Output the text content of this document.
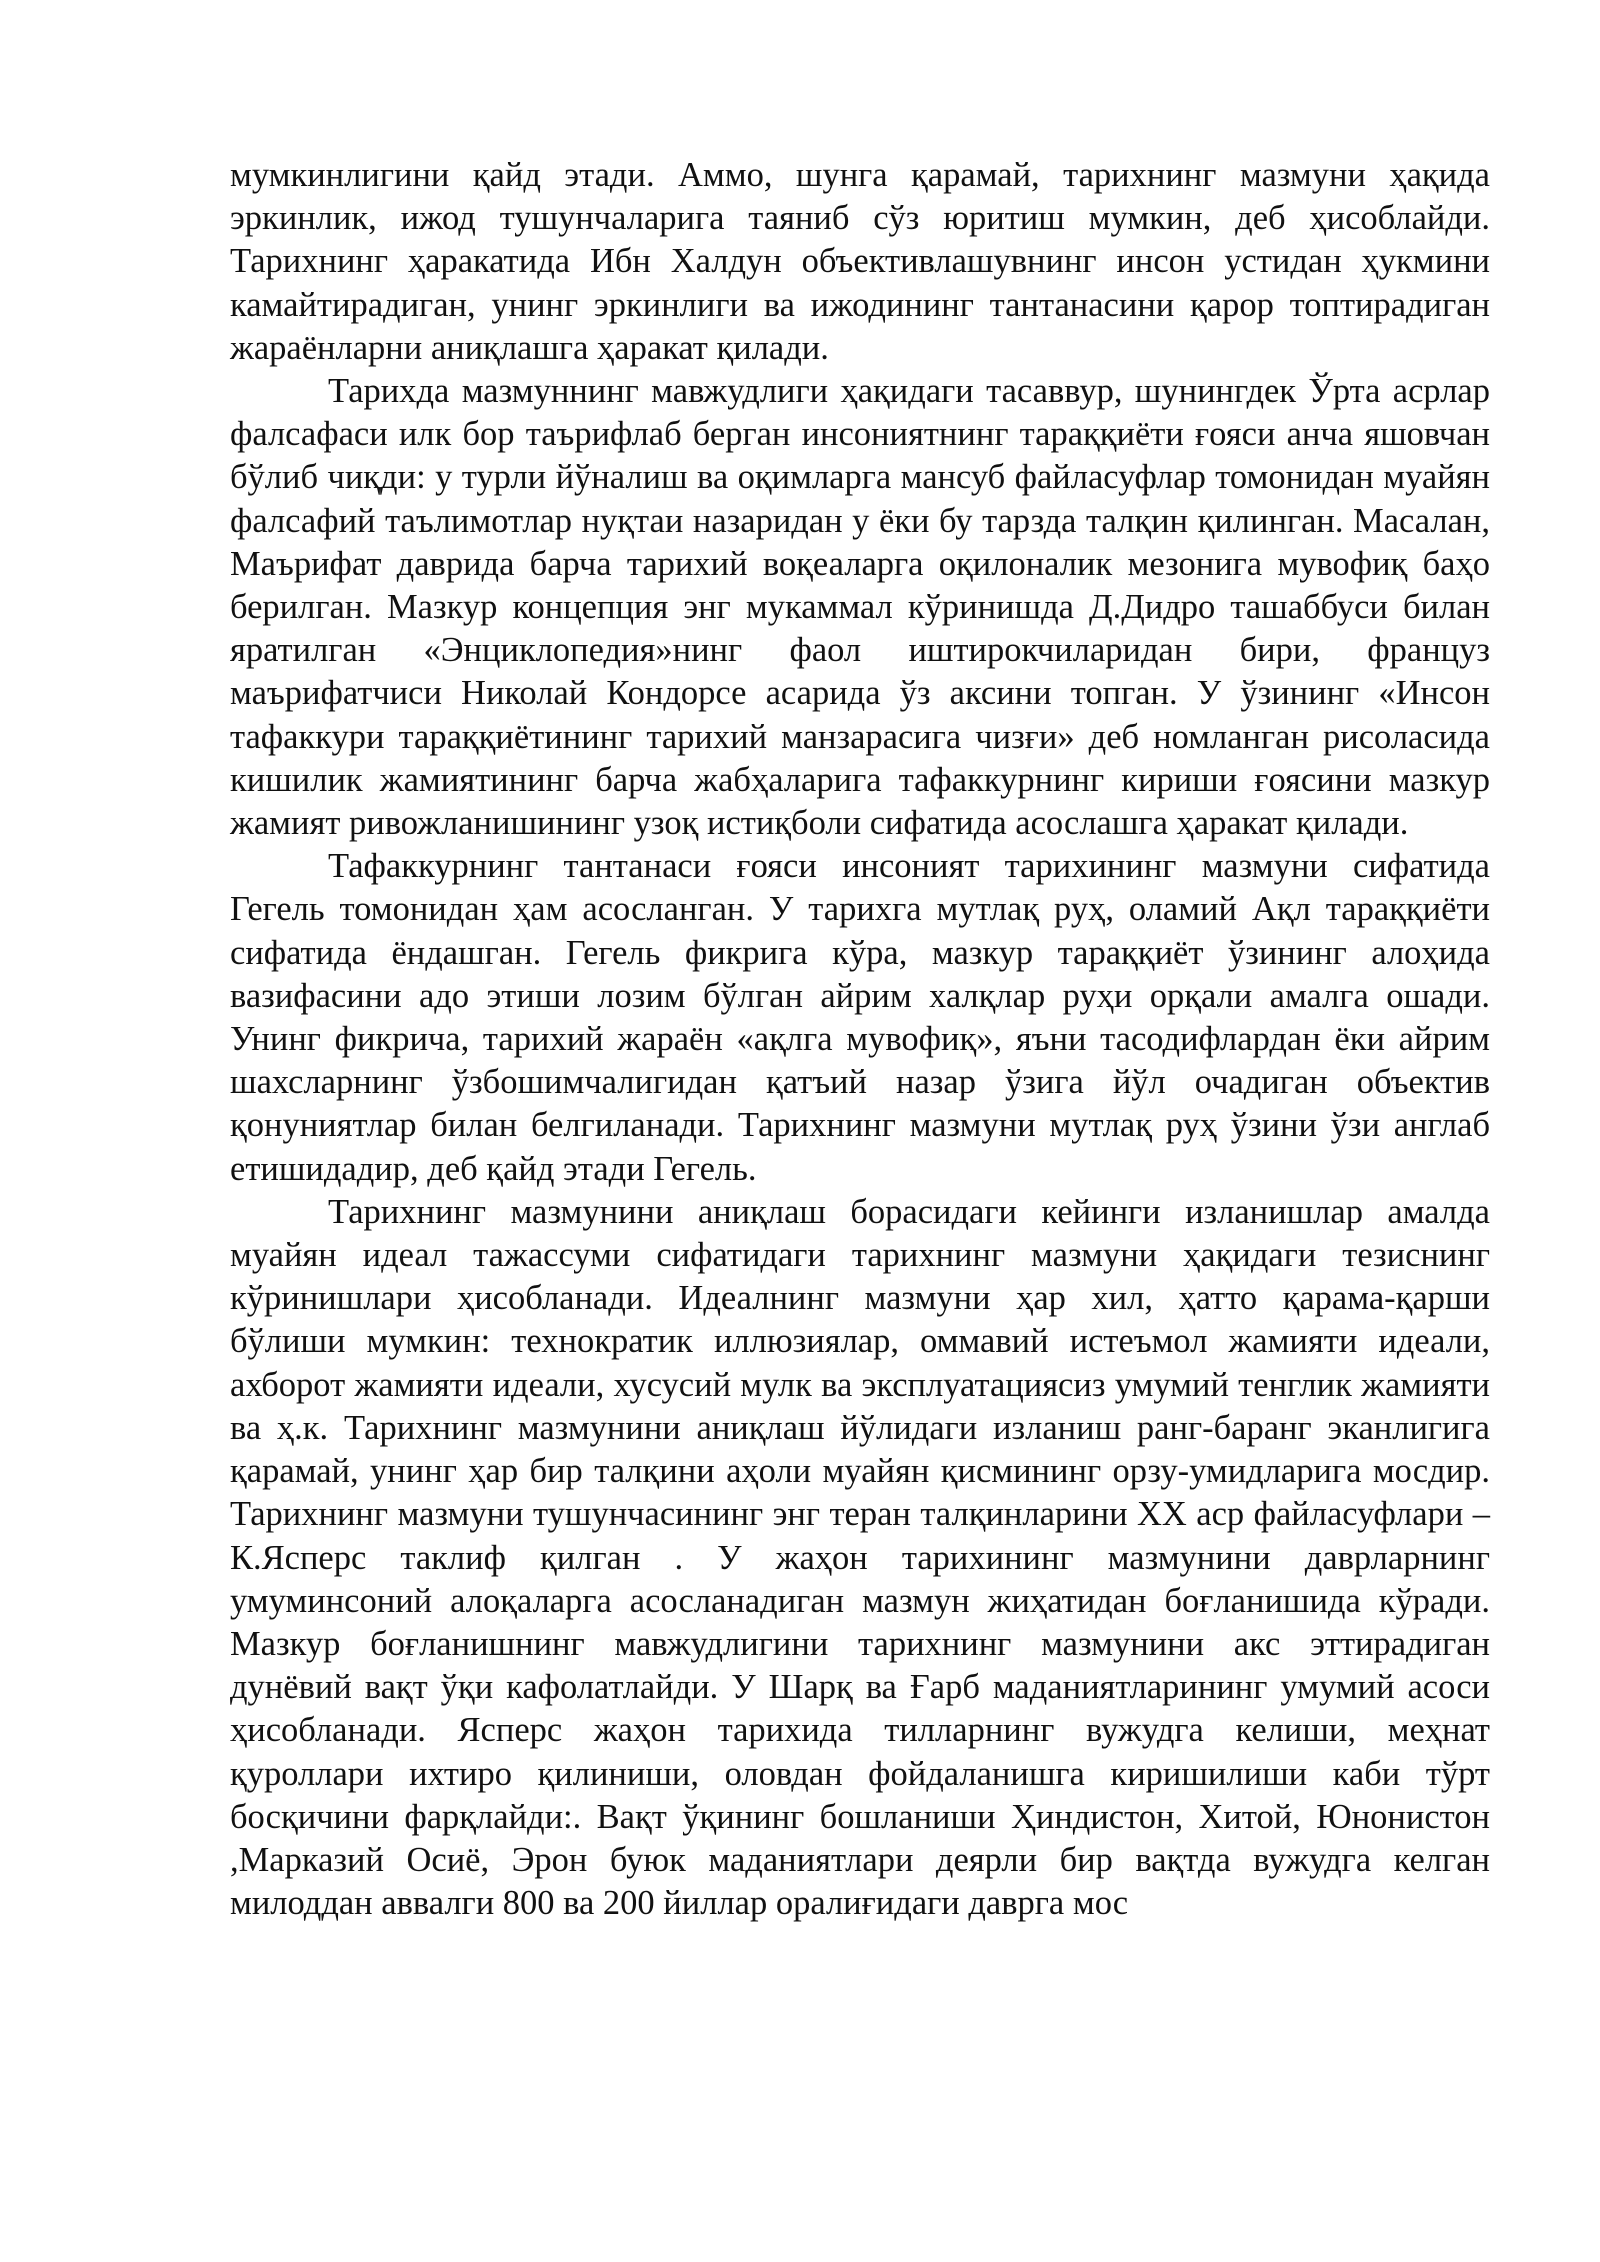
мумкинлигини қайд этади. Аммо, шунга қарамай, тарихнинг мазмуни ҳақида эркинлик, ижод тушунчаларига таяниб сўз юритиш мумкин, деб ҳисоблайди. Тарихнинг ҳаракатида Ибн Халдун объективлашувнинг инсон устидан ҳукмини камайтирадиган, унинг эркинлиги ва ижодининг тантанасини қарор топтирадиган жараёнларни аниқлашга ҳаракат қилади.

Тарихда мазмуннинг мавжудлиги ҳақидаги тасаввур, шунингдек Ўрта асрлар фалсафаси илк бор таърифлаб берган инсониятнинг тараққиёти ғояси анча яшовчан бўлиб чиқди: у турли йўналиш ва оқимларга мансуб файласуфлар томонидан муайян фалсафий таълимотлар нуқтаи назаридан у ёки бу тарзда талқин қилинган. Масалан, Маърифат даврида барча тарихий воқеаларга оқилоналик мезонига мувофиқ баҳо берилган. Мазкур концепция энг мукаммал кўринишда Д.Дидро ташаббуси билан яратилган «Энциклопедия»нинг фаол иштирокчиларидан бири, француз маърифатчиси Николай Кондорсе асарида ўз аксини топган. У ўзининг «Инсон тафаккури тараққиётининг тарихий манзарасига чизғи» деб номланган рисоласида кишилик жамиятининг барча жабҳаларига тафаккурнинг кириши ғоясини мазкур жамият ривожланишининг узоқ истиқболи сифатида асослашга ҳаракат қилади.

Тафаккурнинг тантанаси ғояси инсоният тарихининг мазмуни сифатида Гегель томонидан ҳам асосланган. У тарихга мутлақ руҳ, оламий Ақл тараққиёти сифатида ёндашган. Гегель фикрига кўра, мазкур тараққиёт ўзининг алоҳида вазифасини адо этиши лозим бўлган айрим халқлар руҳи орқали амалга ошади. Унинг фикрича, тарихий жараён «ақлга мувофиқ», яъни тасодифлардан ёки айрим шахсларнинг ўзбошимчалигидан қатъий назар ўзига йўл очадиган объектив қонуниятлар билан белгиланади. Тарихнинг мазмуни мутлақ руҳ ўзини ўзи англаб етишидадир, деб қайд этади Гегель.

Тарихнинг мазмунини аниқлаш борасидаги кейинги изланишлар амалда муайян идеал тажассуми сифатидаги тарихнинг мазмуни ҳақидаги тезиснинг кўринишлари ҳисобланади. Идеалнинг мазмуни ҳар хил, ҳатто қарама-қарши бўлиши мумкин: технократик иллюзиялар, оммавий истеъмол жамияти идеали, ахборот жамияти идеали, хусусий мулк ва эксплуатациясиз умумий тенглик жамияти ва ҳ.к. Тарихнинг мазмунини аниқлаш йўлидаги изланиш ранг-баранг эканлигига қарамай, унинг ҳар бир талқини аҳоли муайян қисмининг орзу-умидларига мосдир. Тарихнинг мазмуни тушунчасининг энг теран талқинларини XX аср файласуфлари –К.Ясперс таклиф қилган . У жаҳон тарихининг мазмунини даврларнинг умуминсоний алоқаларга асосланадиган мазмун жиҳатидан боғланишида кўради. Мазкур боғланишнинг мавжудлигини тарихнинг мазмунини акс эттирадиган дунёвий вақт ўқи кафолатлайди. У Шарқ ва Ғарб маданиятларининг умумий асоси ҳисобланади. Ясперс жаҳон тарихида тилларнинг вужудга келиши, меҳнат қуроллари ихтиро қилиниши, оловдан фойдаланишга киришилиши каби тўрт босқичини фарқлайди:. Вақт ўқининг бошланиши Ҳиндистон, Хитой, Юнонистон ,Марказий Осиё, Эрон буюк маданиятлари деярли бир вақтда вужудга келган милоддан аввалги 800 ва 200 йиллар оралиғидаги даврга мос
